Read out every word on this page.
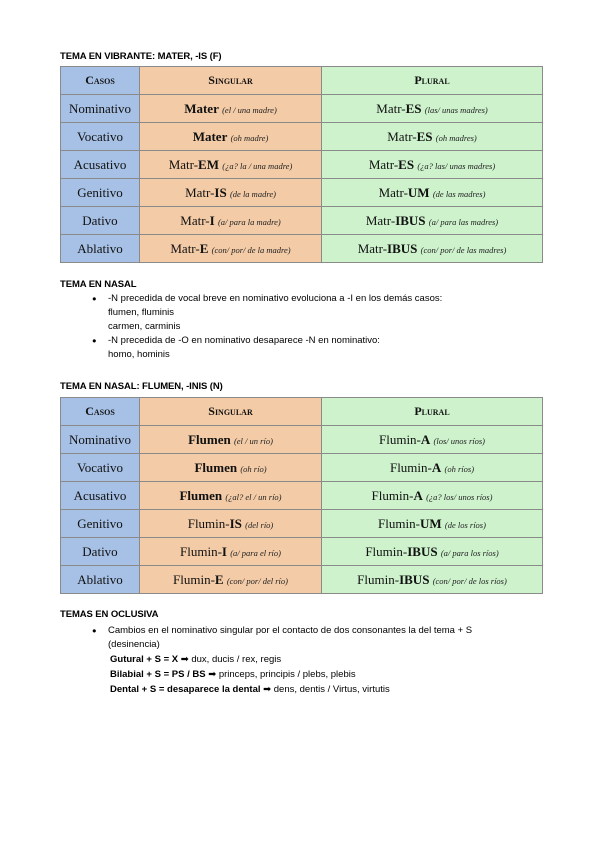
TEMA EN VIBRANTE: MATER, -IS (F)
Casos	Singular	Plural
Nominativo	Mater (el / una madre)	Matr-ES (las/ unas madres)
Vocativo	Mater (oh madre)	Matr-ES (oh madres)
Acusativo	Matr-EM (¿a? la / una madre)	Matr-ES (¿a? las/ unas madres)
Genitivo	Matr-IS (de la madre)	Matr-UM (de las madres)
Dativo	Matr-I (a/ para la madre)	Matr-IBUS (a/ para las madres)
Ablativo	Matr-E (con/ por/ de la madre)	Matr-IBUS (con/ por/ de las madres)
TEMA EN NASAL
● -N precedida de vocal breve en nominativo evoluciona a -I en los demás casos:
flumen, fluminis
carmen, carminis
● -N precedida de -O en nominativo desaparece -N en nominativo:
homo, hominis
TEMA EN NASAL: FLUMEN, -INIS (N)
Casos	Singular	Plural
Nominativo	Flumen (el / un río)	Flumin-A (los/ unos ríos)
Vocativo	Flumen (oh río)	Flumin-A (oh ríos)
Acusativo	Flumen (¿al? el / un río)	Flumin-A (¿a? los/ unos ríos)
Genitivo	Flumin-IS (del río)	Flumin-UM (de los ríos)
Dativo	Flumin-I (a/ para el río)	Flumin-IBUS (a/ para los ríos)
Ablativo	Flumin-E (con/ por/ del río)	Flumin-IBUS (con/ por/ de los ríos)
TEMAS EN OCLUSIVA
● Cambios en el nominativo singular por el contacto de dos consonantes la del tema + S
(desinencia)
Gutural + S = X ➡ dux, ducis / rex, regis
Bilabial + S = PS / BS ➡ princeps, principis / plebs, plebis
Dental + S = desaparece la dental ➡ dens, dentis / Virtus, virtutis
